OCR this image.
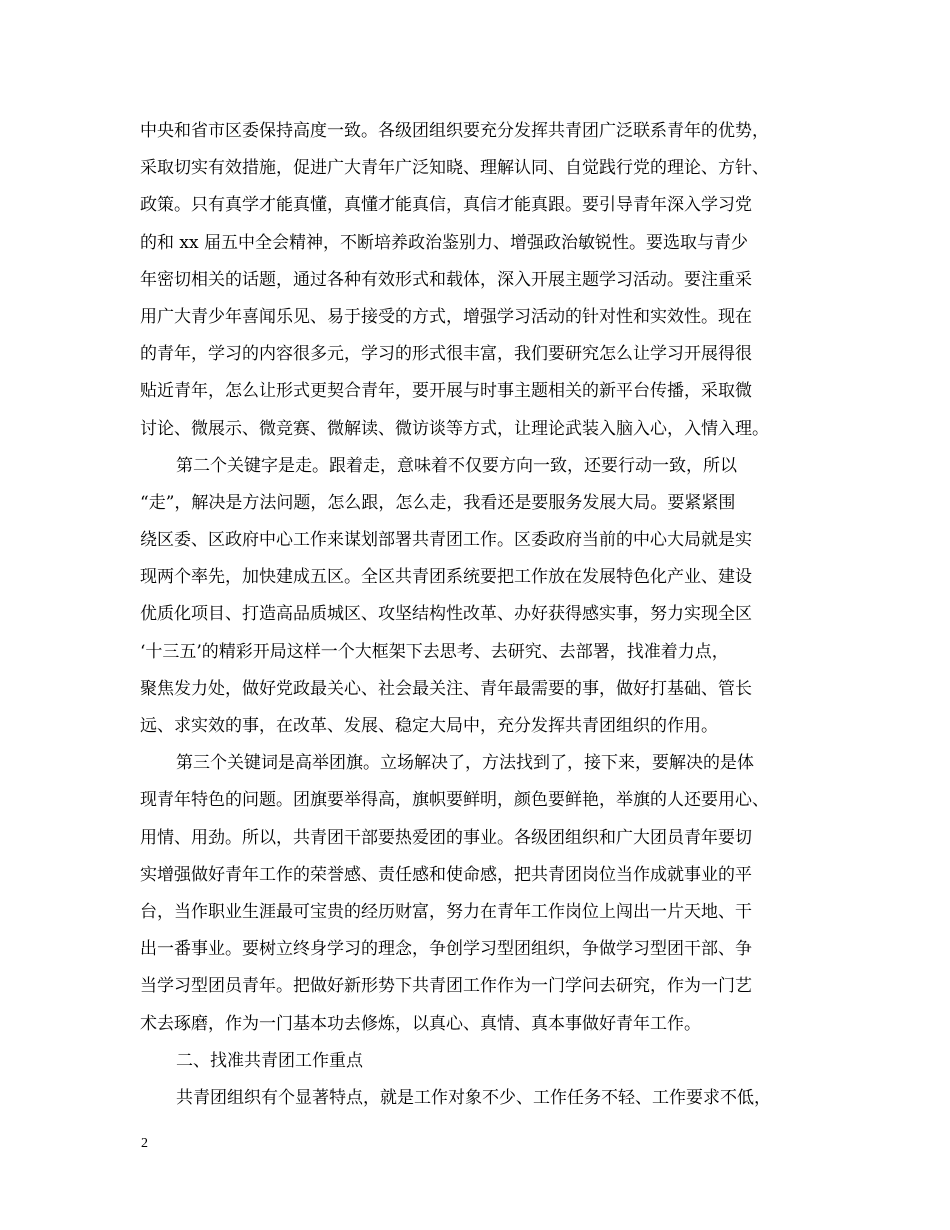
中央和省市区委保持高度一致。各级团组织要充分发挥共青团广泛联系青年的优势，
采取切实有效措施，促进广大青年广泛知晓、理解认同、自觉践行党的理论、方针、
政策。只有真学才能真懂，真懂才能真信，真信才能真跟。要引导青年深入学习党
的和 xx 届五中全会精神，不断培养政治鉴别力、增强政治敏锐性。要选取与青少
年密切相关的话题，通过各种有效形式和载体，深入开展主题学习活动。要注重采
用广大青少年喜闻乐见、易于接受的方式，增强学习活动的针对性和实效性。现在
的青年，学习的内容很多元，学习的形式很丰富，我们要研究怎么让学习开展得很
贴近青年，怎么让形式更契合青年，要开展与时事主题相关的新平台传播，采取微
讨论、微展示、微竞赛、微解读、微访谈等方式，让理论武装入脑入心，入情入理。
第二个关键字是走。跟着走，意味着不仅要方向一致，还要行动一致，所以
“走”，解决是方法问题，怎么跟，怎么走，我看还是要服务发展大局。要紧紧围
绕区委、区政府中心工作来谋划部署共青团工作。区委政府当前的中心大局就是实
现两个率先，加快建成五区。全区共青团系统要把工作放在发展特色化产业、建设
优质化项目、打造高品质城区、攻坚结构性改革、办好获得感实事，努力实现全区
‘十三五’的精彩开局这样一个大框架下去思考、去研究、去部署，找准着力点，
聚焦发力处，做好党政最关心、社会最关注、青年最需要的事，做好打基础、管长
远、求实效的事，在改革、发展、稳定大局中，充分发挥共青团组织的作用。
第三个关键词是高举团旗。立场解决了，方法找到了，接下来，要解决的是体
现青年特色的问题。团旗要举得高，旗帜要鲜明，颜色要鲜艳，举旗的人还要用心、
用情、用劲。所以，共青团干部要热爱团的事业。各级团组织和广大团员青年要切
实增强做好青年工作的荣誉感、责任感和使命感，把共青团岗位当作成就事业的平
台，当作职业生涯最可宝贵的经历财富，努力在青年工作岗位上闯出一片天地、干
出一番事业。要树立终身学习的理念，争创学习型团组织，争做学习型团干部、争
当学习型团员青年。把做好新形势下共青团工作作为一门学问去研究，作为一门艺
术去琢磨，作为一门基本功去修炼，以真心、真情、真本事做好青年工作。
二、找准共青团工作重点
共青团组织有个显著特点，就是工作对象不少、工作任务不轻、工作要求不低，
2
